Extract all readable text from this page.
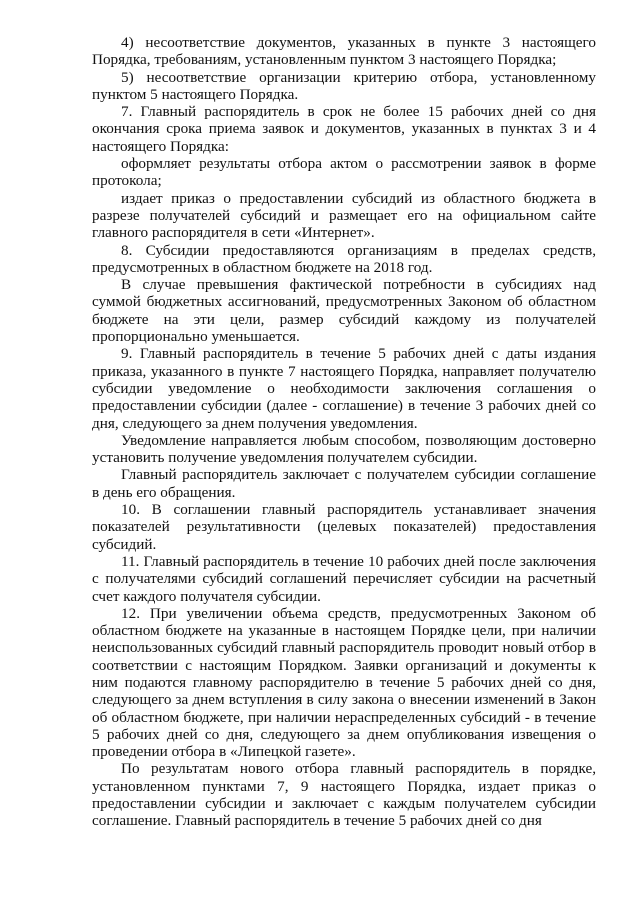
4) несоответствие документов, указанных в пункте 3 настоящего Порядка, требованиям, установленным пунктом 3 настоящего Порядка;

5) несоответствие организации критерию отбора, установленному пунктом 5 настоящего Порядка.

7. Главный распорядитель в срок не более 15 рабочих дней со дня окончания срока приема заявок и документов, указанных в пунктах 3 и 4 настоящего Порядка:

оформляет результаты отбора актом о рассмотрении заявок в форме протокола;

издает приказ о предоставлении субсидий из областного бюджета в разрезе получателей субсидий и размещает его на официальном сайте главного распорядителя в сети «Интернет».

8. Субсидии предоставляются организациям в пределах средств, предусмотренных в областном бюджете на 2018 год.

В случае превышения фактической потребности в субсидиях над суммой бюджетных ассигнований, предусмотренных Законом об областном бюджете на эти цели, размер субсидий каждому из получателей пропорционально уменьшается.

9. Главный распорядитель в течение 5 рабочих дней с даты издания приказа, указанного в пункте 7 настоящего Порядка, направляет получателю субсидии уведомление о необходимости заключения соглашения о предоставлении субсидии (далее - соглашение) в течение 3 рабочих дней со дня, следующего за днем получения уведомления.

Уведомление направляется любым способом, позволяющим достоверно установить получение уведомления получателем субсидии.

Главный распорядитель заключает с получателем субсидии соглашение в день его обращения.

10. В соглашении главный распорядитель устанавливает значения показателей результативности (целевых показателей) предоставления субсидий.

11. Главный распорядитель в течение 10 рабочих дней после заключения с получателями субсидий соглашений перечисляет субсидии на расчетный счет каждого получателя субсидии.

12. При увеличении объема средств, предусмотренных Законом об областном бюджете на указанные в настоящем Порядке цели, при наличии неиспользованных субсидий главный распорядитель проводит новый отбор в соответствии с настоящим Порядком. Заявки организаций и документы к ним подаются главному распорядителю в течение 5 рабочих дней со дня, следующего за днем вступления в силу закона о внесении изменений в Закон об областном бюджете, при наличии нераспределенных субсидий - в течение 5 рабочих дней со дня, следующего за днем опубликования извещения о проведении отбора в «Липецкой газете».

По результатам нового отбора главный распорядитель в порядке, установленном пунктами 7, 9 настоящего Порядка, издает приказ о предоставлении субсидии и заключает с каждым получателем субсидии соглашение. Главный распорядитель в течение 5 рабочих дней со дня
